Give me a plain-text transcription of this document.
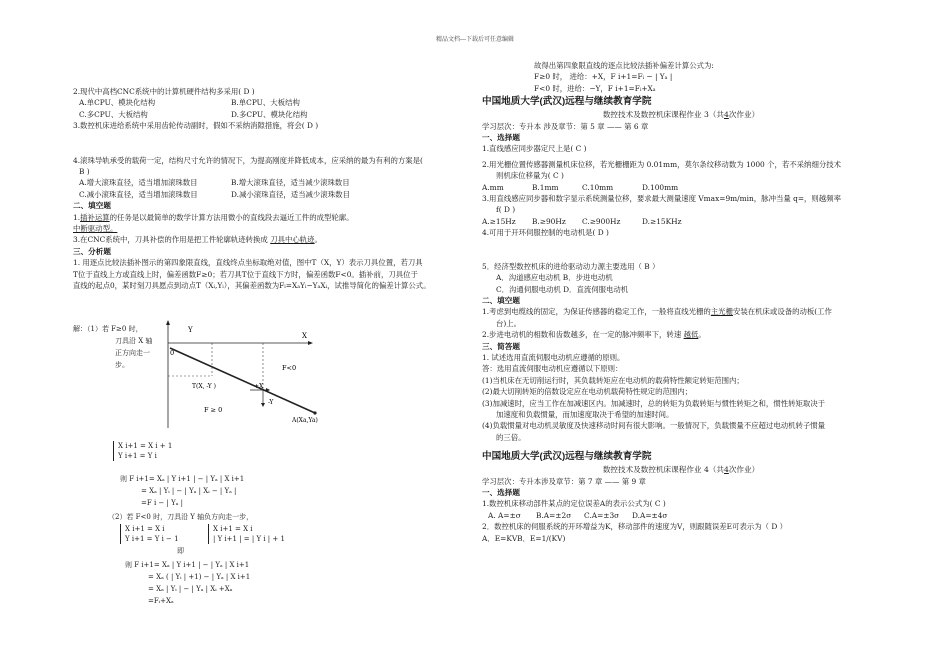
精品文档---下载后可任意编辑
2.现代中高档CNC系统中的计算机硬件结构多采用( D )
A.单CPU、模块化结构	B.单CPU、大板结构
C.多CPU、大板结构	D.多CPU、模块化结构
3.数控机床进给系统中采用齿轮传动副时，假如不采纳消隙措施，将会( D )
4.滚珠导轨承受的载荷一定，结构尺寸允许的情况下，为提高刚度并降低成本，应采纳的最为有利的方案是(
B )
A.增大滚珠直径，适当增加滚珠数目	B.增大滚珠直径，适当减少滚珠数目
C.减小滚珠直径，适当增加滚珠数目	D.减小滚珠直径，适当减少滚珠数目
二、填空题
1.插补运算的任务是以最简单的数学计算方法用微小的直线段去逼近工件的成型轮廓。
中断驱动型。
3.在CNC系统中，刀具补偿的作用是把工件轮廓轨迹转换成 刀具中心轨迹。
三、分析题
1. 用逐点比较法插补图示的第四象限直线，直线终点坐标取绝对值，图中T（X，Y）表示刀具位置，若刀具
T位于直线上方或直线上时，偏差函数F≥0；若刀具T位于直线下方时，偏差函数F<0。插补前，刀具位于
直线的起点0，某时刻刀具愿点到动点T（Xᵢ,Yᵢ），其偏差函数为Fᵢ=XₐYᵢ−YₐXᵢ，试推导简化的偏差计算公式。
解：（1）若 F≥0 时，
刀具沿 X 轴
正方向走一
步。
Y
X
0
F<0
F ≥ 0
T(X, -Y )	+X
-Y
A(Xa,Ya)
X i+1 = X i + 1
Y i+1 = Y i
则 F i+1= Xₐ | Y i+1 | − | Yₐ | X i+1
= Xₐ | Yᵢ | − | Yₐ | Xᵢ − | Yₐ |
=F i − | Yₐ |
（2）若 F<0 时，刀具沿 Y 轴负方向走一步，
X i+1 = X i
Y i+1 = Y i − 1
即
X i+1 = X i
| Y i+1 | = | Y i | + 1
则 F i+1= Xₐ | Y i+1 | − | Yₐ | X i+1
= Xₐ ( | Yᵢ | +1) − | Yₐ | X i+1
= Xₐ | Yᵢ | − | Yₐ | Xᵢ +Xₐ
=Fᵢ+Xₐ
故得出第四象限直线的逐点比较法插补偏差计算公式为:
F≥0 时， 进给：+X，F i+1=Fᵢ − | Yₐ |
F<0 时，进给：−Y，F i+1=Fᵢ+Xₐ
中国地质大学(武汉)远程与继续教育学院
数控技术及数控机床课程作业 3（共4次作业）
学习层次：专升本 涉及章节：第 5 章 —— 第 6 章
一、选择题
1.直线感应同步器定尺上是( C )
2.用光栅位置传感器测量机床位移，若光栅栅距为 0.01mm，莫尔条纹移动数为 1000 个，若不采纳细分技术
则机床位移量为( C )
A.mm	B.1mm	C.10mm	D.100mm
3.用直线感应同步器和数字显示系统测量位移，要求最大测量速度 Vmax=9m/min，脉冲当量 q=，则越频率
f( D )
A.≥15Hz	B.≥90Hz	C.≥900Hz	D.≥15KHz
4.可用于开环伺服控制的电动机是( D )
5．经济型数控机床的进给驱动动力源主要选用（ B ）
A．沟道感应电动机 B．步进电动机
C．沟通伺服电动机 D．直流伺服电动机
二、填空题
1.考虑到电缆线的固定，为保证传感器的稳定工作，一般将直线光栅的主光栅安装在机床或设备的动板(工作
台)上。
2.步进电动机的相数和齿数越多，在一定的脉冲频率下，转速 越低。
三、简答题
1. 试述选用直流伺服电动机应遵循的原则。
答：选用直流伺服电动机应遵循以下原则：
(1)当机床在无切削运行时，其负载转矩应在电动机的载荷特性额定转矩范围内；
(2)最大切削转矩的倍数设定应在电动机载荷特性规定的范围内；
(3)加减速时，应当工作在加减速区内。加减速时，总的转矩为负载转矩与惯性转矩之和，惯性转矩取决于
加速度和负载惯量，而加速度取决于希望的加速时间。
(4)负载惯量对电动机灵敏度及快速移动时间有很大影响。一般情况下，负载惯量不应超过电动机转子惯量
的三倍。
中国地质大学(武汉)远程与继续教育学院
数控技术及数控机床课程作业 4（共4次作业）
学习层次：专升本涉及章节：第 7 章 —— 第 9 章
一、选择题
1.数控机床移动部件某点的定位误差A的表示公式为( C )
A. A=±σ	B.A=±2σ	C.A=±3σ	D.A=±4σ
2．数控机床的伺服系统的开环增益为K，移动部件的速度为V，则跟随误差E可表示为（ D ）
A．E=KVB．E=1/(KV)
